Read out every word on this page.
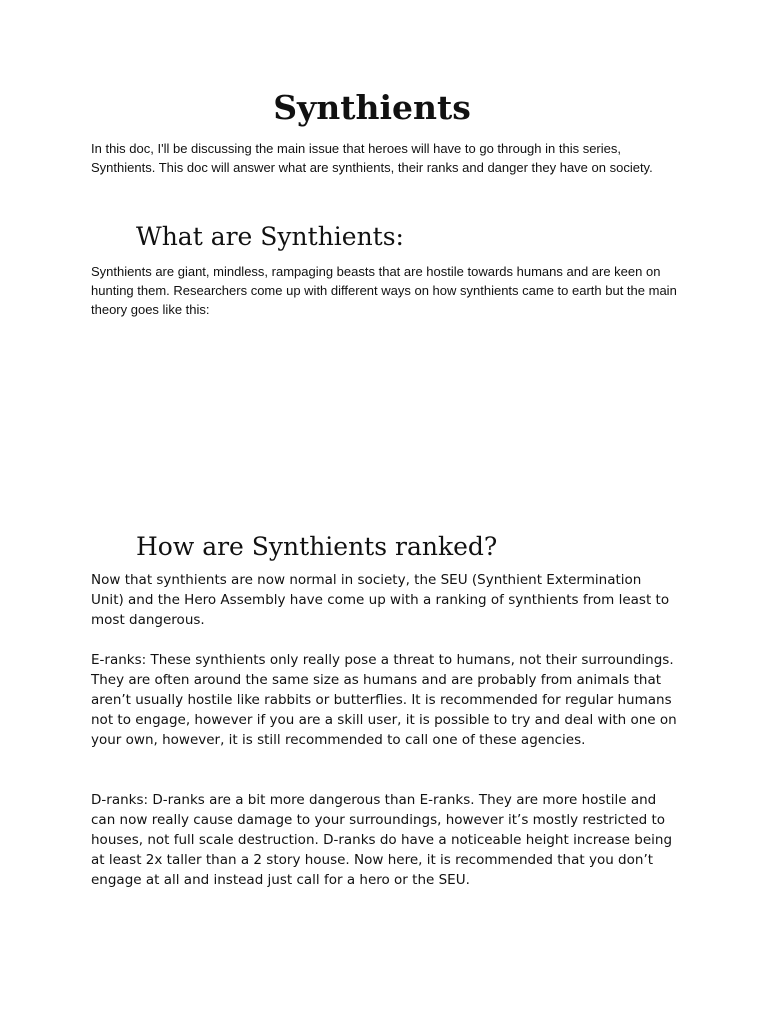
Synthients

In this doc, I'll be discussing the main issue that heroes will have to go through in this series, Synthients. This doc will answer what are synthients, their ranks and danger they have on society.

What are Synthients:

Synthients are giant, mindless, rampaging beasts that are hostile towards humans and are keen on hunting them. Researchers come up with different ways on how synthients came to earth but the main theory goes like this:

How are Synthients ranked?

Now that synthients are now normal in society, the SEU (Synthient Extermination Unit) and the Hero Assembly have come up with a ranking of synthients from least to most dangerous.

E-ranks: These synthients only really pose a threat to humans, not their surroundings. They are often around the same size as humans and are probably from animals that aren’t usually hostile like rabbits or butterflies. It is recommended for regular humans not to engage, however if you are a skill user, it is possible to try and deal with one on your own, however, it is still recommended to call one of these agencies.

D-ranks: D-ranks are a bit more dangerous than E-ranks. They are more hostile and can now really cause damage to your surroundings, however it’s mostly restricted to houses, not full scale destruction. D-ranks do have a noticeable height increase being at least 2x taller than a 2 story house. Now here, it is recommended that you don’t engage at all and instead just call for a hero or the SEU.
